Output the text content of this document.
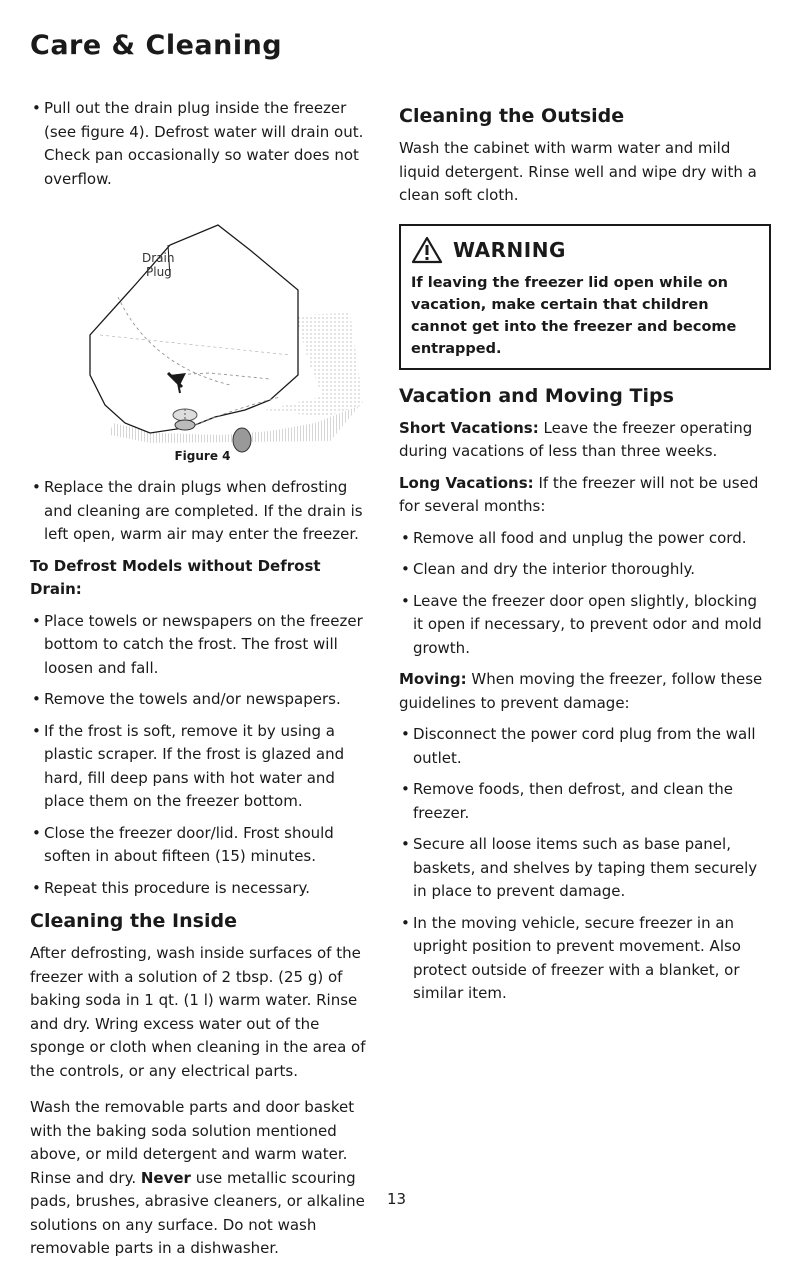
Care & Cleaning

• Pull out the drain plug inside the freezer (see figure 4). Defrost water will drain out. Check pan occasionally so water does not overflow.

Drain
Plug
Figure 4

• Replace the drain plugs when defrosting and cleaning are completed. If the drain is left open, warm air may enter the freezer.

To Defrost Models without Defrost Drain:

• Place towels or newspapers on the freezer bottom to catch the frost. The frost will loosen and fall.

• Remove the towels and/or newspapers.

• If the frost is soft, remove it by using a plastic scraper. If the frost is glazed and hard, fill deep pans with hot water and place them on the freezer bottom.

• Close the freezer door/lid. Frost should soften in about fifteen (15) minutes.

• Repeat this procedure is necessary.

Cleaning the Inside

After defrosting, wash inside surfaces of the freezer with a solution of 2 tbsp. (25 g) of baking soda in 1 qt. (1 l) warm water. Rinse and dry. Wring excess water out of the sponge or cloth when cleaning in the area of the controls, or any electrical parts.

Wash the removable parts and door basket with the baking soda solution mentioned above, or mild detergent and warm water. Rinse and dry. Never use metallic scouring pads, brushes, abrasive cleaners, or alkaline solutions on any surface. Do not wash removable parts in a dishwasher.

Cleaning the Outside

Wash the cabinet with warm water and mild liquid detergent. Rinse well and wipe dry with a clean soft cloth.

WARNING
If leaving the freezer lid open while on vacation, make certain that children cannot get into the freezer and become entrapped.
Vacation and Moving Tips

Short Vacations: Leave the freezer operating during vacations of less than three weeks.

Long Vacations: If the freezer will not be used for several months:

• Remove all food and unplug the power cord.

• Clean and dry the interior thoroughly.

• Leave the freezer door open slightly, blocking it open if necessary, to prevent odor and mold growth.

Moving: When moving the freezer, follow these guidelines to prevent damage:

• Disconnect the power cord plug from the wall outlet.

• Remove foods, then defrost, and clean the freezer.

• Secure all loose items such as base panel, baskets, and shelves by taping them securely in place to prevent damage.

• In the moving vehicle, secure freezer in an upright position to prevent movement. Also protect outside of freezer with a blanket, or similar item.

13
